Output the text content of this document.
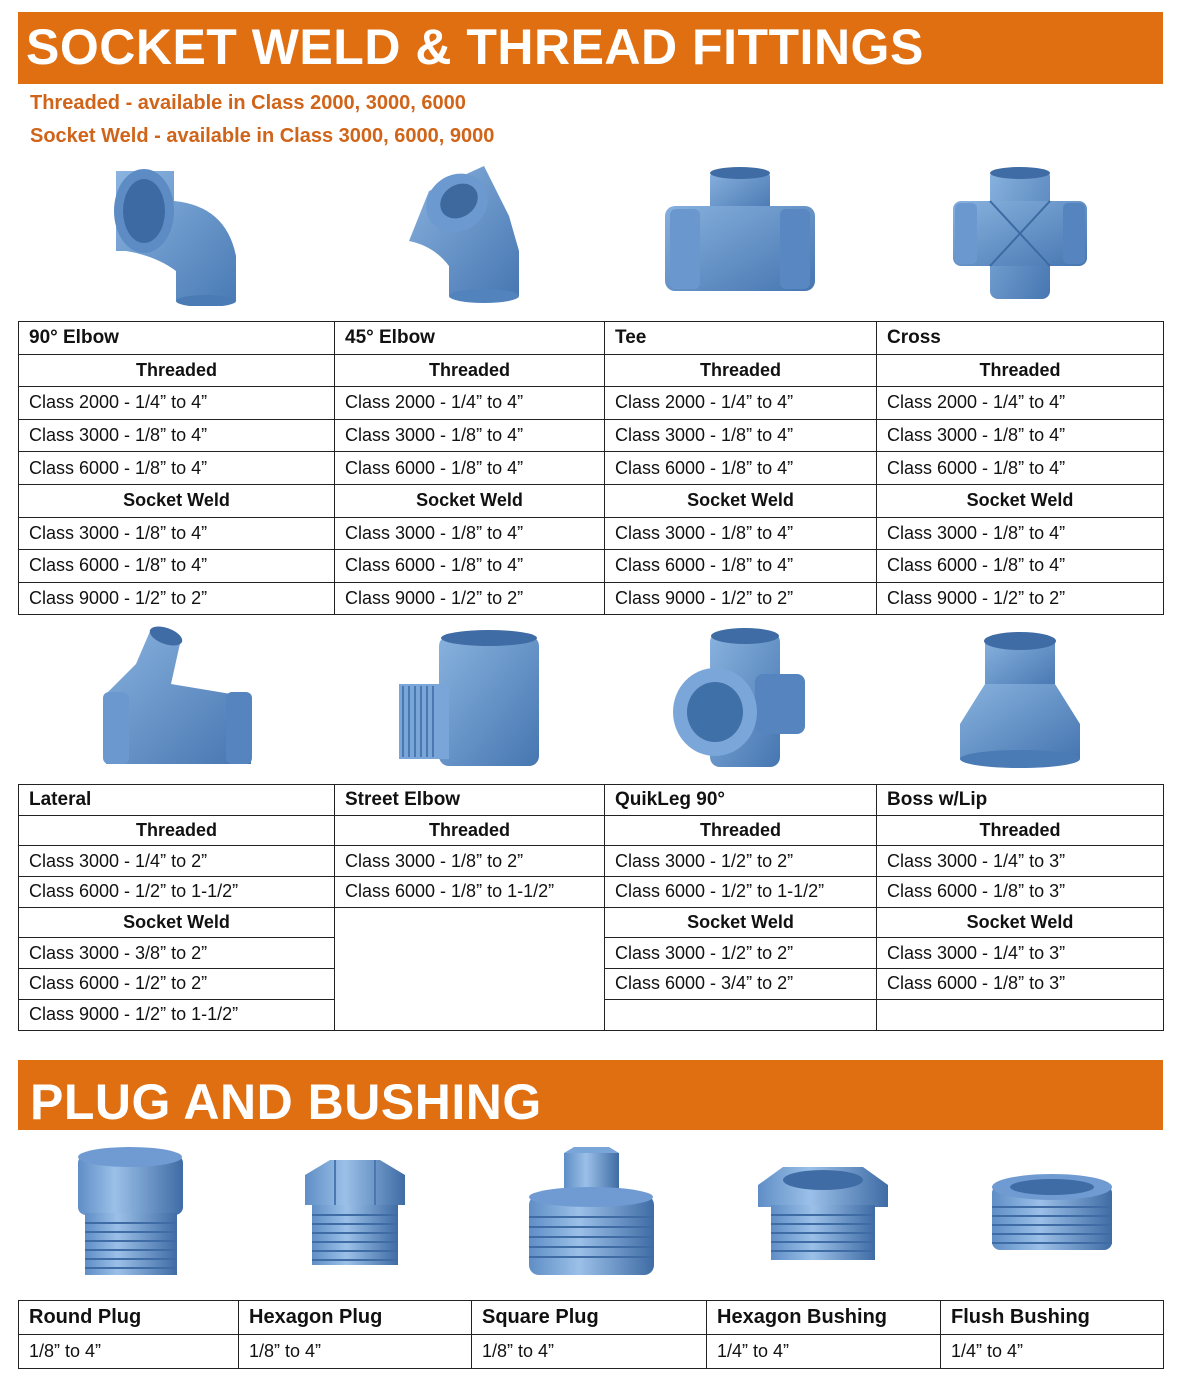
SOCKET WELD & THREAD FITTINGS
Threaded - available in Class 2000, 3000, 6000
Socket Weld - available in Class 3000, 6000, 9000
90° Elbow	45° Elbow	Tee	Cross
Threaded	Threaded	Threaded	Threaded
Class 2000 - 1/4” to 4”	Class 2000 - 1/4” to 4”	Class 2000 - 1/4” to 4”	Class 2000 - 1/4” to 4”
Class 3000 - 1/8” to 4”	Class 3000 - 1/8” to 4”	Class 3000 - 1/8” to 4”	Class 3000 - 1/8” to 4”
Class 6000 - 1/8” to 4”	Class 6000 - 1/8” to 4”	Class 6000 - 1/8” to 4”	Class 6000 - 1/8” to 4”
Socket Weld	Socket Weld	Socket Weld	Socket Weld
Class 3000 - 1/8” to 4”	Class 3000 - 1/8” to 4”	Class 3000 - 1/8” to 4”	Class 3000 - 1/8” to 4”
Class 6000 - 1/8” to 4”	Class 6000 - 1/8” to 4”	Class 6000 - 1/8” to 4”	Class 6000 - 1/8” to 4”
Class 9000 - 1/2” to 2”	Class 9000 - 1/2” to 2”	Class 9000 - 1/2” to 2”	Class 9000 - 1/2” to 2”
Lateral	Street Elbow	QuikLeg 90°	Boss w/Lip
Threaded	Threaded	Threaded	Threaded
Class 3000 - 1/4” to 2”	Class 3000 - 1/8” to 2”	Class 3000 - 1/2” to 2”	Class 3000 - 1/4” to 3”
Class 6000 - 1/2” to 1-1/2”	Class 6000 - 1/8” to 1-1/2”	Class 6000 - 1/2” to 1-1/2”	Class 6000 - 1/8” to 3”
Socket Weld		Socket Weld	Socket Weld
Class 3000 - 3/8” to 2”		Class 3000 - 1/2” to 2”	Class 3000 - 1/4” to 3”
Class 6000 - 1/2” to 2”		Class 6000 - 3/4” to 2”	Class 6000 - 1/8” to 3”
Class 9000 - 1/2” to 1-1/2”			
PLUG AND BUSHING
Round Plug	Hexagon Plug	Square Plug	Hexagon Bushing	Flush Bushing
1/8” to 4”	1/8” to 4”	1/8” to 4”	1/4” to 4”	1/4” to 4”
